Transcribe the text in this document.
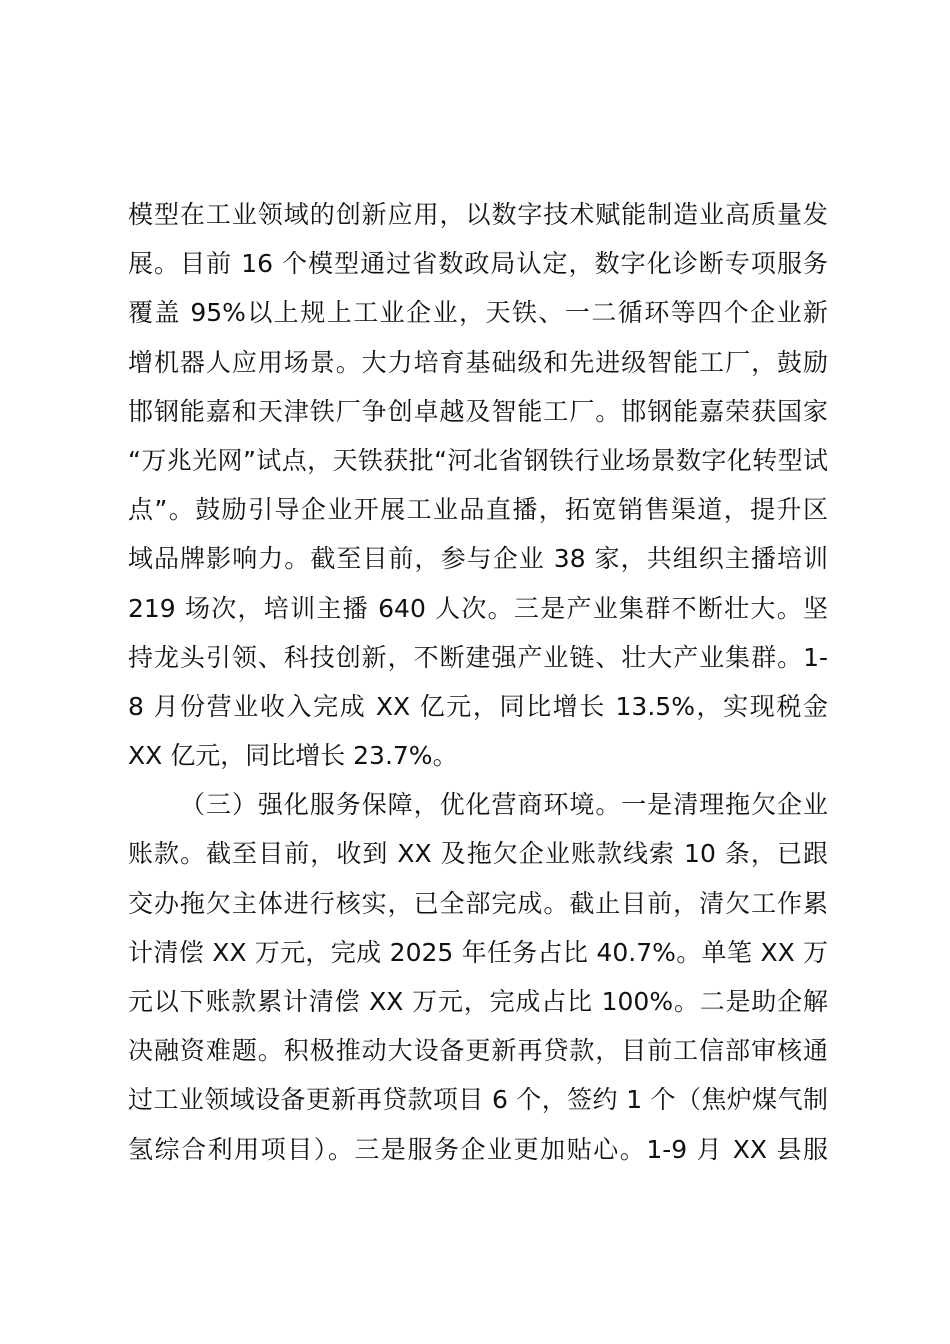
模型在工业领域的创新应用，以数字技术赋能制造业高质量发
展。目前 16 个模型通过省数政局认定，数字化诊断专项服务
覆盖 95%以上规上工业企业，天铁、一二循环等四个企业新
增机器人应用场景。大力培育基础级和先进级智能工厂，鼓励
邯钢能嘉和天津铁厂争创卓越及智能工厂。邯钢能嘉荣获国家
“万兆光网”试点，天铁获批“河北省钢铁行业场景数字化转型试
点”。鼓励引导企业开展工业品直播，拓宽销售渠道，提升区
域品牌影响力。截至目前，参与企业 38 家，共组织主播培训
219 场次，培训主播 640 人次。三是产业集群不断壮大。坚
持龙头引领、科技创新，不断建强产业链、壮大产业集群。1-
8 月份营业收入完成 XX 亿元，同比增长 13.5%，实现税金
XX 亿元，同比增长 23.7%。
（三）强化服务保障，优化营商环境。一是清理拖欠企业
账款。截至目前，收到 XX 及拖欠企业账款线索 10 条，已跟
交办拖欠主体进行核实，已全部完成。截止目前，清欠工作累
计清偿 XX 万元，完成 2025 年任务占比 40.7%。单笔 XX 万
元以下账款累计清偿 XX 万元，完成占比 100%。二是助企解
决融资难题。积极推动大设备更新再贷款，目前工信部审核通
过工业领域设备更新再贷款项目 6 个，签约 1 个（焦炉煤气制
氢综合利用项目）。三是服务企业更加贴心。1-9 月 XX 县服
